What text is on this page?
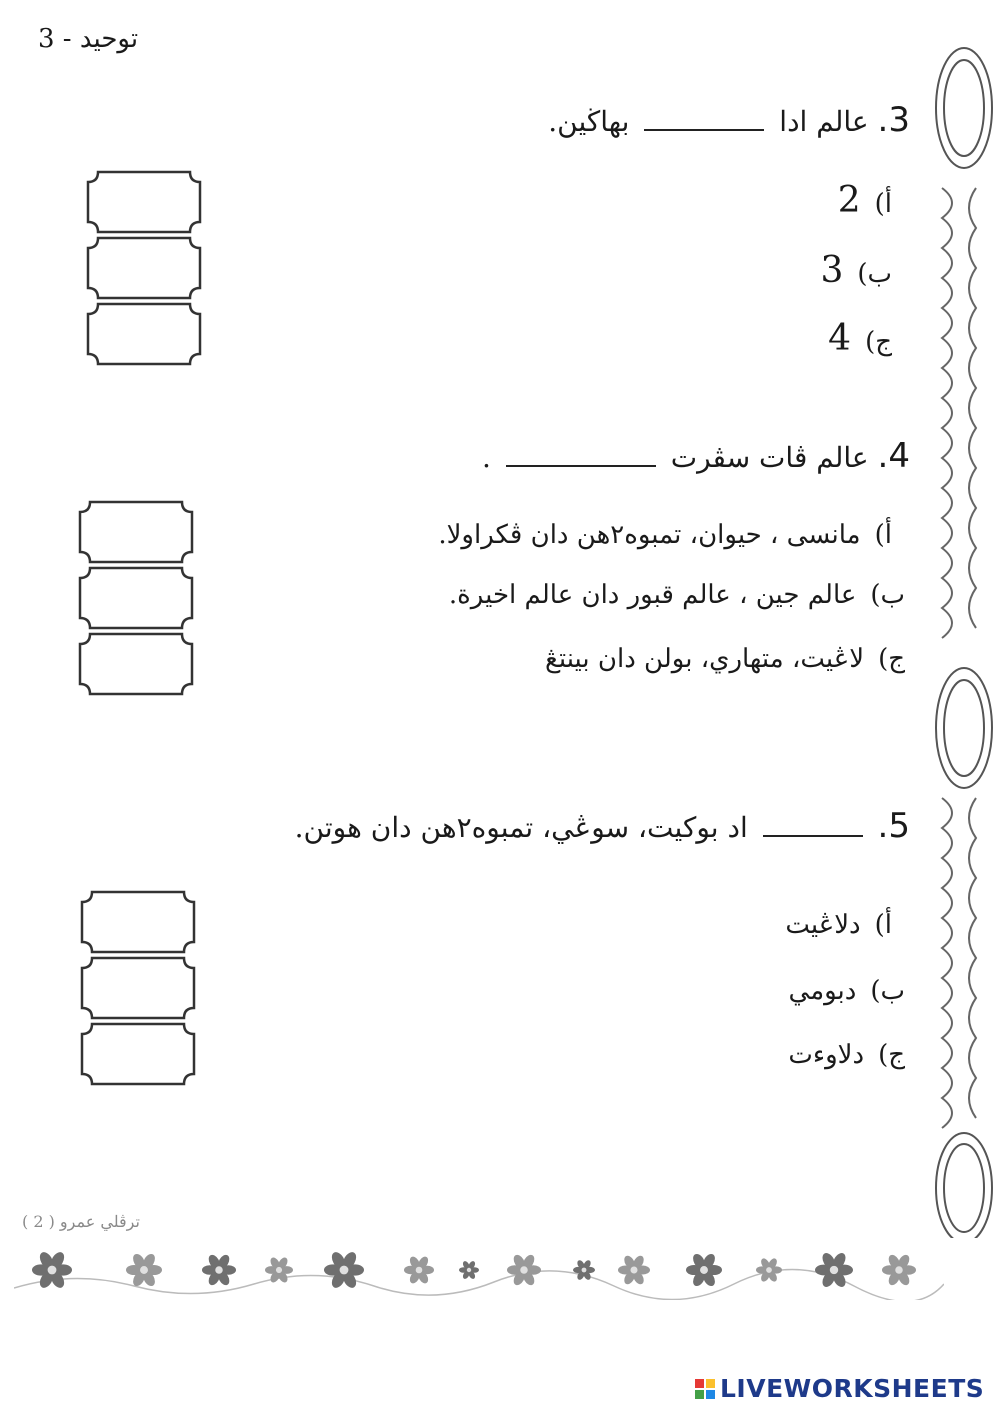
توحيد - 3
3. عالم ادا  بهاڬين.
أ)2
ب)3
ج)4
4. عالم ڤات سڤرت  .
أ)مانسى ، حيوان، تمبوه٢هن دان ڤكراولا.
ب)عالم جين ، عالم قبور دان عالم اخيرة.
ج)لاڠيت، متهاري، بولن دان بينتڠ
5.  اد بوكيت، سوڠي، تمبوه٢هن دان هوتن.
أ)دلاڠيت
ب)دبومي
ج)دلاوءت
ترڤلي عمرو ( 2 )
LIVEWORKSHEETS
